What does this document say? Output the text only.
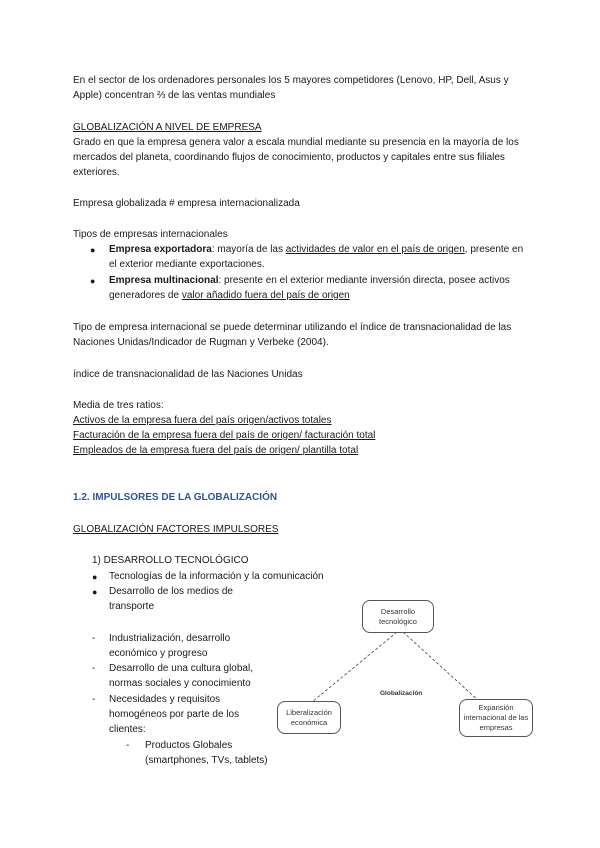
En el sector de los ordenadores personales los 5 mayores competidores (Lenovo, HP, Dell, Asus y
Apple) concentran ⅔ de las ventas mundiales
GLOBALIZACIÓN A NIVEL DE EMPRESA
Grado en que la empresa genera valor a escala mundial mediante su presencia en la mayoría de los
mercados del planeta, coordinando flujos de conocimiento, productos y capitales entre sus filiales
exteriores.
Empresa globalizada # empresa internacionalizada
Tipos de empresas internacionales
● Empresa exportadora: mayoría de las actividades de valor en el país de origen, presente en
el exterior mediante exportaciones.
● Empresa multinacional: presente en el exterior mediante inversión directa, posee activos
generadores de valor añadido fuera del país de origen
Tipo de empresa internacional se puede determinar utilizando el índice de transnacionalidad de las
Naciones Unidas/Indicador de Rugman y Verbeke (2004).
índice de transnacionalidad de las Naciones Unidas
Media de tres ratios:
Activos de la empresa fuera del país origen/activos totales
Facturación de la empresa fuera del país de origen/ facturación total
Empleados de la empresa fuera del país de origen/ plantilla total
1.2. IMPULSORES DE LA GLOBALIZACIÓN
GLOBALIZACIÓN FACTORES IMPULSORES
1) DESARROLLO TECNOLÓGICO
● Tecnologías de la información y la comunicación
● Desarrollo de los medios de
transporte
- Industrialización, desarrollo
económico y progreso
- Desarrollo de una cultura global,
normas sociales y conocimiento
- Necesidades y requisitos
homogéneos por parte de los
clientes:
- Productos Globales
(smartphones, TVs, tablets)
Desarrollo tecnológico
Liberalización económica
Expansión internacional de las empresas
Globalización
